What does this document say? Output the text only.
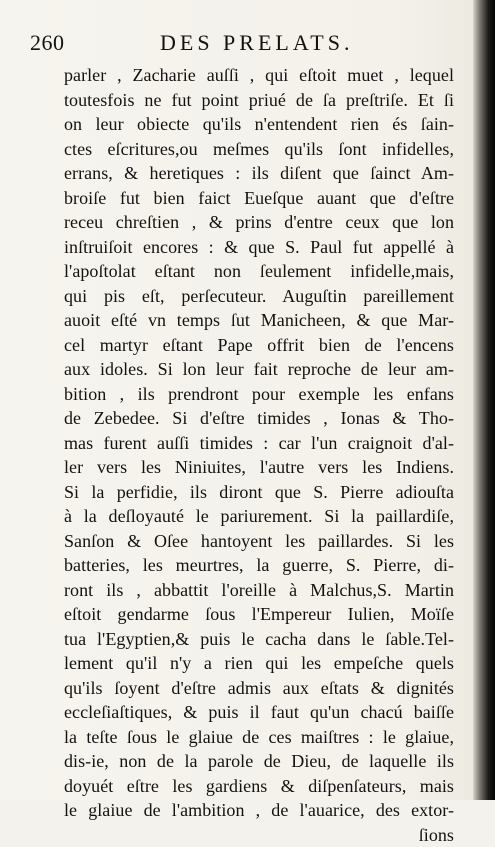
260	DES PRELATS.
parler , Zacharie auſſi , qui eſtoit muet , lequel
toutesfois ne fut point priué de ſa preſtriſe. Et ſi
on leur obiecte qu'ils n'entendent rien és ſain-
ctes eſcritures,ou meſmes qu'ils ſont infidelles,
errans, & heretiques : ils diſent que ſainct Am-
broiſe fut bien faict Eueſque auant que d'eſtre
receu chreſtien , & prins d'entre ceux que lon
inſtruiſoit encores : & que S. Paul fut appellé à
l'apoſtolat eſtant non ſeulement infidelle,mais,
qui pis eſt, perſecuteur. Auguſtin pareillement
auoit eſté vn temps ſut Manicheen, & que Mar-
cel martyr eſtant Pape offrit bien de l'encens
aux idoles. Si lon leur fait reproche de leur am-
bition , ils prendront pour exemple les enfans
de Zebedee. Si d'eſtre timides , Ionas & Tho-
mas furent auſſi timides : car l'un craignoit d'al-
ler vers les Niniuites, l'autre vers les Indiens.
Si la perfidie, ils diront que S. Pierre adiouſta
à la deſloyauté le pariurement. Si la paillardiſe,
Sanſon & Oſee hantoyent les paillardes. Si les
batteries, les meurtres, la guerre, S. Pierre, di-
ront ils , abbattit l'oreille à Malchus,S. Martin
eſtoit gendarme ſous l'Empereur Iulien, Moïſe
tua l'Egyptien,& puis le cacha dans le ſable.Tel-
lement qu'il n'y a rien qui les empeſche quels
qu'ils ſoyent d'eſtre admis aux eſtats & dignités
eccleſiaſtiques, & puis il faut qu'un chacú baiſſe
la teſte ſous le glaiue de ces maiſtres : le glaiue,
dis-ie, non de la parole de Dieu, de laquelle ils
doyuét eſtre les gardiens & diſpenſateurs, mais
le glaiue de l'ambition , de l'auarice, des extor-
ſions
